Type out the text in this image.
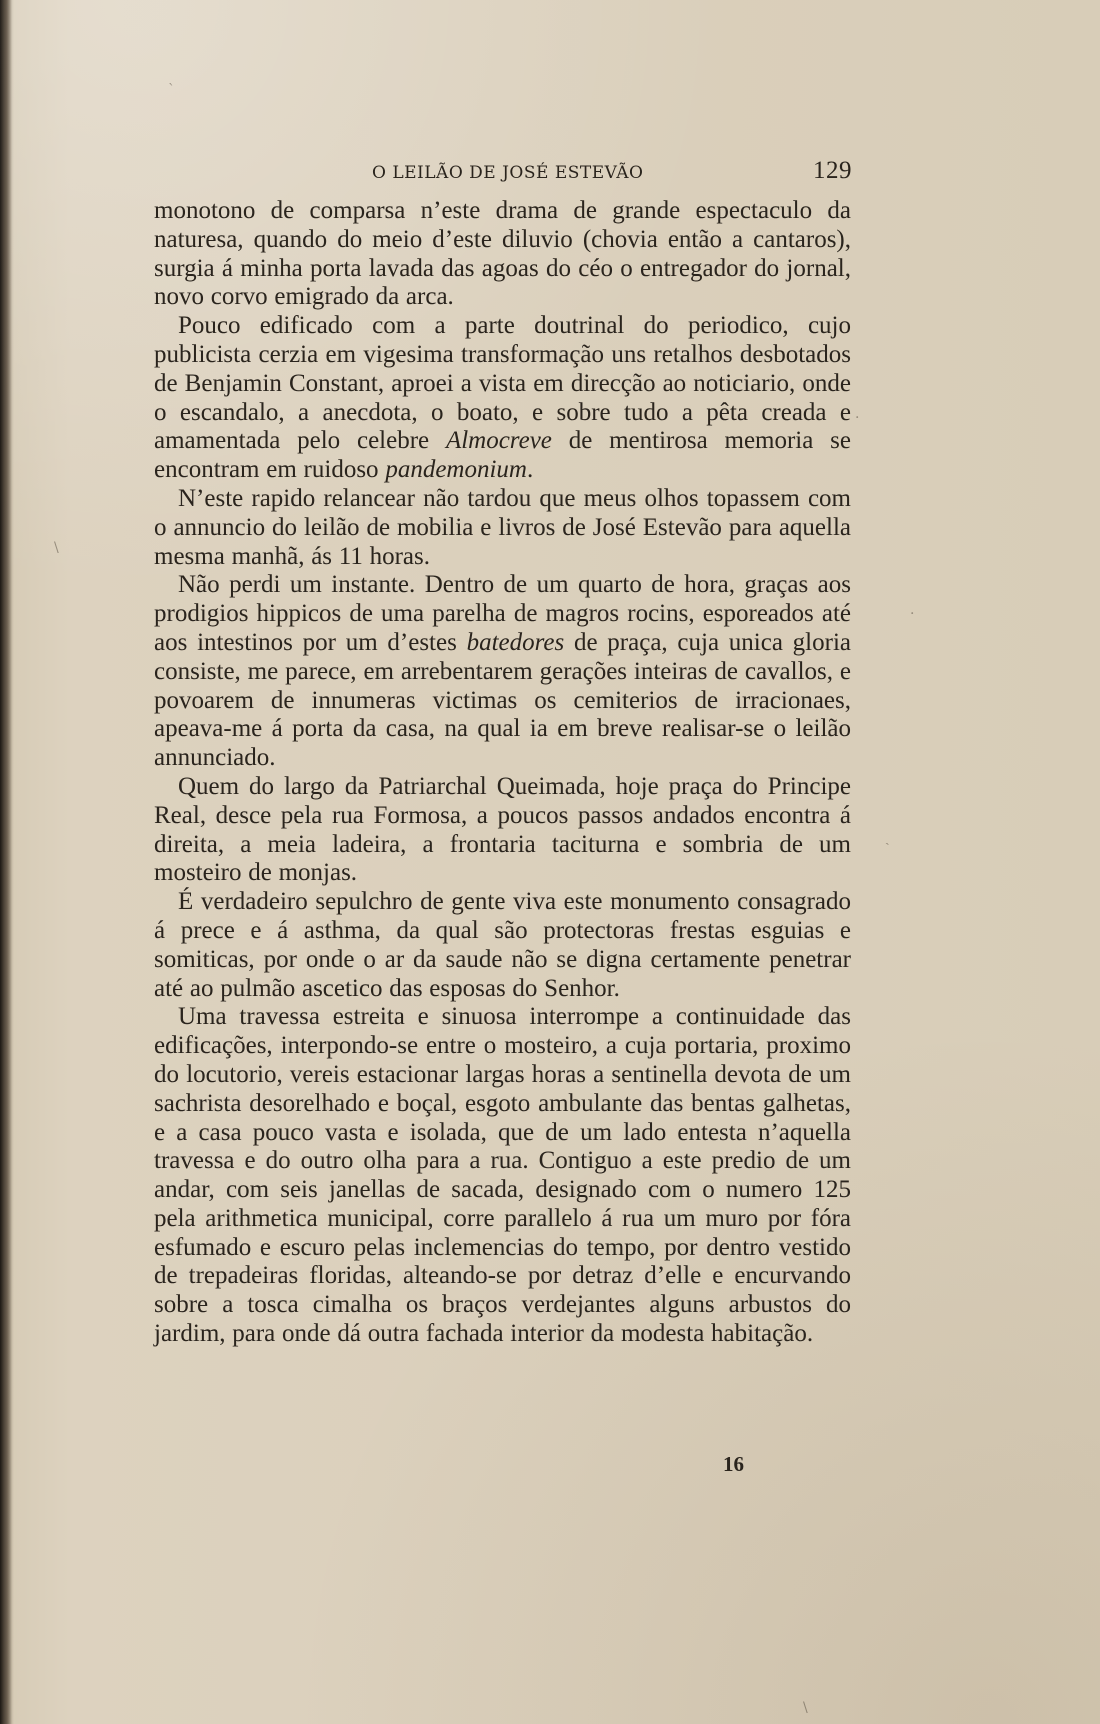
O LEILÃO DE JOSÉ ESTEVÃO	129

monotono de comparsa n’este drama de grande espectaculo da naturesa, quando do meio d’este diluvio (chovia então a cantaros), surgia á minha porta lavada das agoas do céo o entregador do jornal, novo corvo emigrado da arca.

Pouco edificado com a parte doutrinal do periodico, cujo publicista cerzia em vigesima transformação uns retalhos desbotados de Benjamin Constant, aproei a vista em direcção ao noticiario, onde o escandalo, a anecdota, o boato, e sobre tudo a pêta creada e amamentada pelo celebre Almocreve de mentirosa memoria se encontram em ruidoso pandemonium.

N’este rapido relancear não tardou que meus olhos topassem com o annuncio do leilão de mobilia e livros de José Estevão para aquella mesma manhã, ás 11 horas.

Não perdi um instante. Dentro de um quarto de hora, graças aos prodigios hippicos de uma parelha de magros rocins, esporeados até aos intestinos por um d’estes batedores de praça, cuja unica gloria consiste, me parece, em arrebentarem gerações inteiras de cavallos, e povoarem de innumeras victimas os cemiterios de irracionaes, apeava-me á porta da casa, na qual ia em breve realisar-se o leilão annunciado.

Quem do largo da Patriarchal Queimada, hoje praça do Principe Real, desce pela rua Formosa, a poucos passos andados encontra á direita, a meia ladeira, a frontaria taciturna e sombria de um mosteiro de monjas.

É verdadeiro sepulchro de gente viva este monumento consagrado á prece e á asthma, da qual são protectoras frestas esguias e somiticas, por onde o ar da saude não se digna certamente penetrar até ao pulmão ascetico das esposas do Senhor.

Uma travessa estreita e sinuosa interrompe a continuidade das edificações, interpondo-se entre o mosteiro, a cuja portaria, proximo do locutorio, vereis estacionar largas horas a sentinella devota de um sachrista desorelhado e boçal, esgoto ambulante das bentas galhetas, e a casa pouco vasta e isolada, que de um lado entesta n’aquella travessa e do outro olha para a rua. Contiguo a este predio de um andar, com seis janellas de sacada, designado com o numero 125 pela arithmetica municipal, corre parallelo á rua um muro por fóra esfumado e escuro pelas inclemencias do tempo, por dentro vestido de trepadeiras floridas, alteando-se por detraz d’elle e encurvando sobre a tosca cimalha os braços verdejantes alguns arbustos do jardim, para onde dá outra fachada interior da modesta habitação.

16
ˋ
\
·
·
ˏ
\
